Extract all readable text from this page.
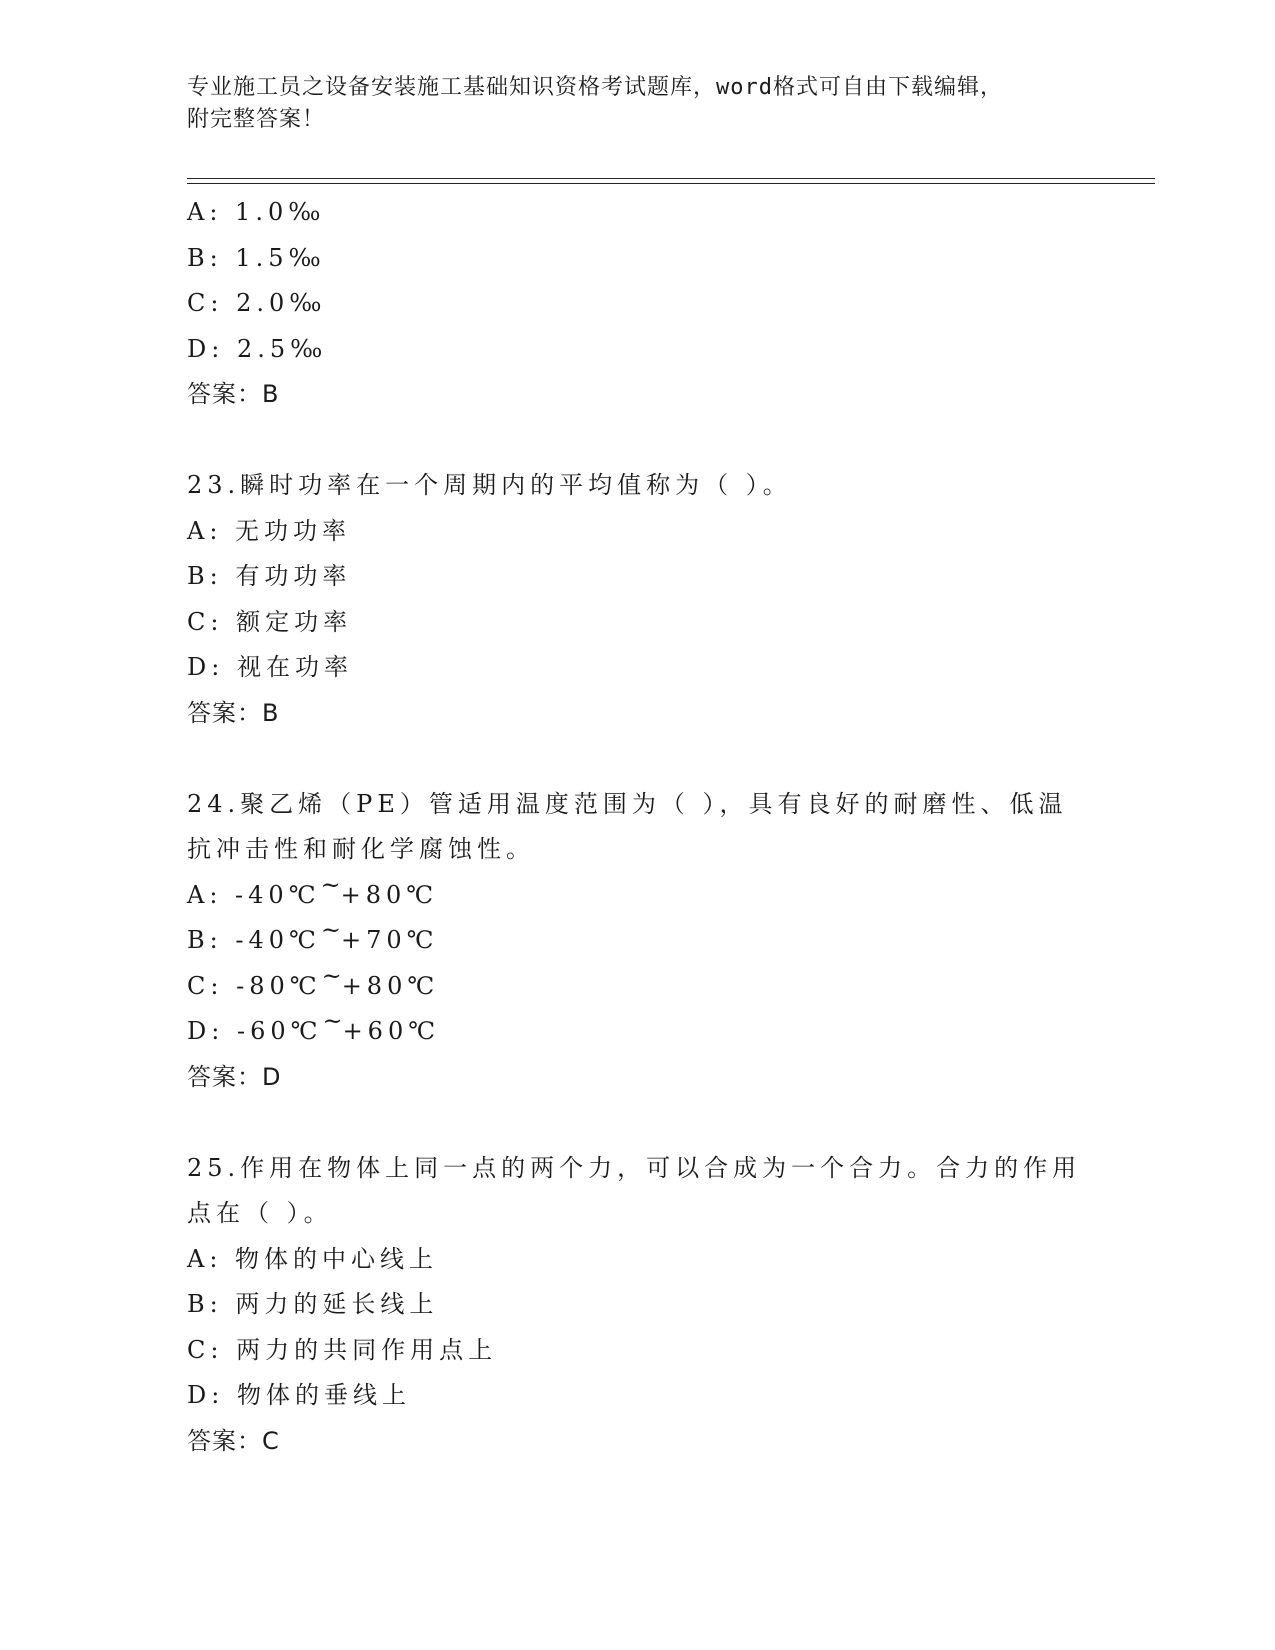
专业施工员之设备安装施工基础知识资格考试题库，word格式可自由下载编辑，
附完整答案！
A: 1.0‰
B: 1.5‰
C: 2.0‰
D: 2.5‰
答案：B
23.瞬时功率在一个周期内的平均值称为（ ）。
A: 无功功率
B: 有功功率
C: 额定功率
D: 视在功率
答案：B
24.聚乙烯（PE）管适用温度范围为（ ），具有良好的耐磨性、低温
抗冲击性和耐化学腐蚀性。
A: -40℃~+80℃
B: -40℃~+70℃
C: -80℃~+80℃
D: -60℃~+60℃
答案：D
25.作用在物体上同一点的两个力，可以合成为一个合力。合力的作用
点在（ ）。
A: 物体的中心线上
B: 两力的延长线上
C: 两力的共同作用点上
D: 物体的垂线上
答案：C
